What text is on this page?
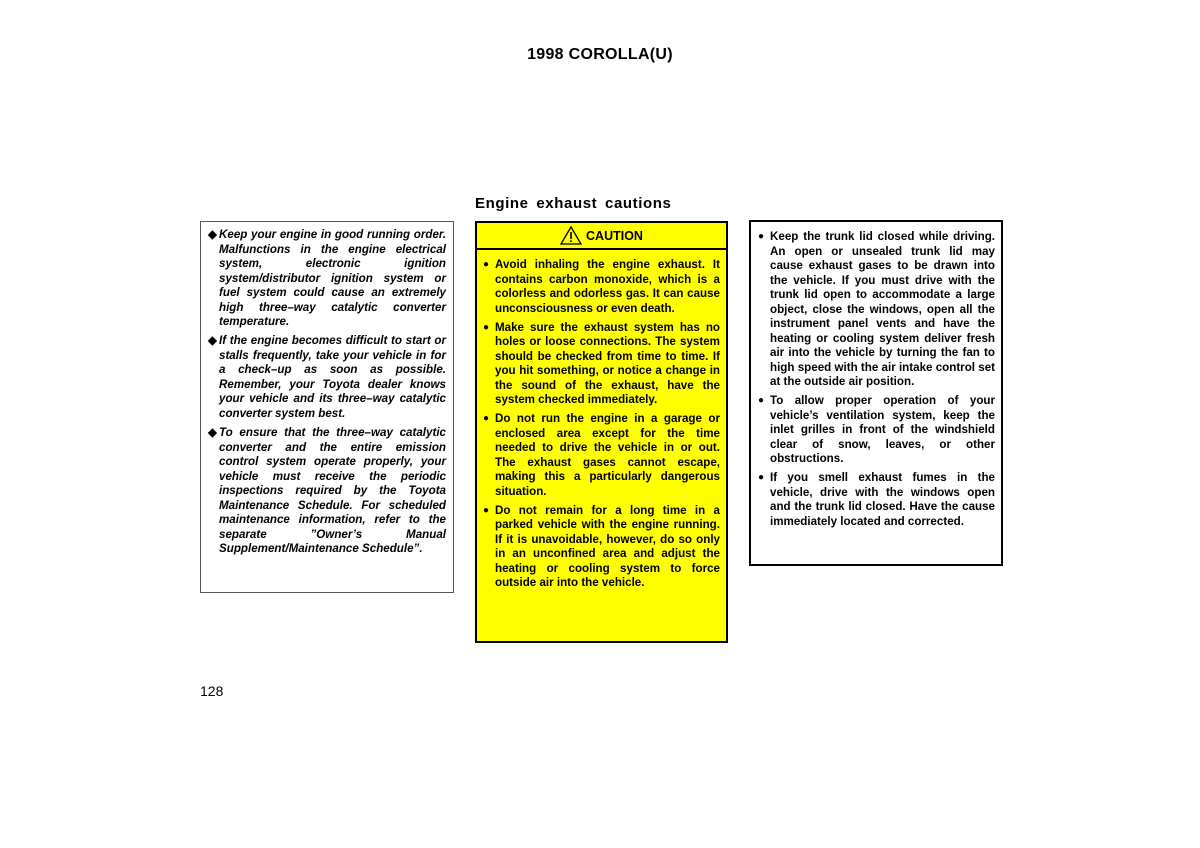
1998 COROLLA(U)
Engine exhaust cautions
◆ Keep your engine in good running order. Malfunctions in the engine electrical system, electronic ignition system/distributor ignition system or fuel system could cause an extremely high three–way catalytic converter temperature.
◆ If the engine becomes difficult to start or stalls frequently, take your vehicle in for a check–up as soon as possible. Remember, your Toyota dealer knows your vehicle and its three–way catalytic converter system best.
◆ To ensure that the three–way catalytic converter and the entire emission control system operate properly, your vehicle must receive the periodic inspections required by the Toyota Maintenance Schedule. For scheduled maintenance information, refer to the separate ”Owner’s Manual Supplement/Maintenance Schedule”.
CAUTION
● Avoid inhaling the engine exhaust. It contains carbon monoxide, which is a colorless and odorless gas. It can cause unconsciousness or even death.
● Make sure the exhaust system has no holes or loose connections. The system should be checked from time to time. If you hit something, or notice a change in the sound of the exhaust, have the system checked immediately.
● Do not run the engine in a garage or enclosed area except for the time needed to drive the vehicle in or out. The exhaust gases cannot escape, making this a particularly dangerous situation.
● Do not remain for a long time in a parked vehicle with the engine running. If it is unavoidable, however, do so only in an unconfined area and adjust the heating or cooling system to force outside air into the vehicle.
● Keep the trunk lid closed while driving. An open or unsealed trunk lid may cause exhaust gases to be drawn into the vehicle. If you must drive with the trunk lid open to accommodate a large object, close the windows, open all the instrument panel vents and have the heating or cooling system deliver fresh air into the vehicle by turning the fan to high speed with the air intake control set at the outside air position.
● To allow proper operation of your vehicle’s ventilation system, keep the inlet grilles in front of the windshield clear of snow, leaves, or other obstructions.
● If you smell exhaust fumes in the vehicle, drive with the windows open and the trunk lid closed. Have the cause immediately located and corrected.
128
